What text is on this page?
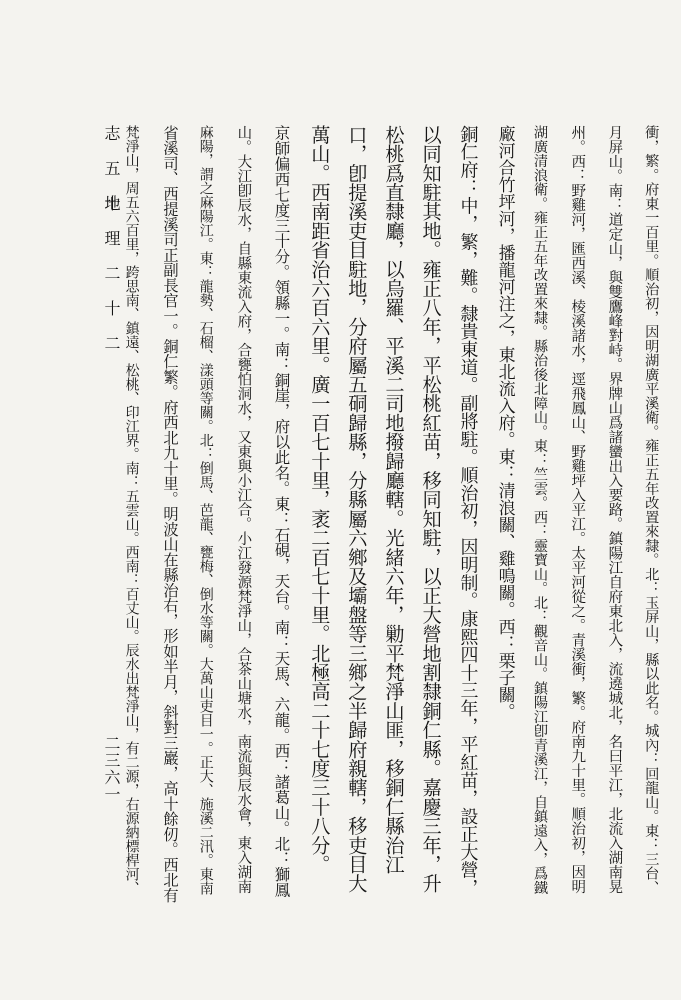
衝，繁。府東一百里。順治初，因明湖廣平溪衛。雍正五年改置來隸。北：玉屏山，縣以此名。城內：回龍山。東：三台、
月屏山。南：道定山，與雙鷹峰對峙。界牌山爲諸蠻出入要路。鎮陽江自府東北入，流遶城北，名曰平江，北流入湖南晃
州。西：野雞河，匯西溪、棱溪諸水，逕飛鳳山、野雞坪入平江。太平河從之。青溪衝，繁。府南九十里。順治初，因明
湖廣清浪衛。雍正五年改置來隸。縣治後北障山。東：竺雲。西：靈寶山。北：觀音山。鎮陽江卽青溪江，自鎮遠入，爲鐵
廠河合竹坪河，播龍河注之，東北流入府。東：清浪關、雞鳴關。西：栗子關。
銅仁府：中，繁，難。隸貴東道。副將駐。順治初，因明制。康熙四十三年，平紅苗，設正大營，
以同知駐其地。雍正八年，平松桃紅苗，移同知駐，以正大營地割隸銅仁縣。嘉慶三年，升
松桃爲直隸廳，以烏羅、平溪二司地撥歸廳轄。光緒六年，勦平梵淨山匪，移銅仁縣治江
口，卽提溪吏目駐地，分府屬五硐歸縣，分縣屬六鄉及壩盤等三鄉之半歸府親轄，移吏目大
萬山。西南距省治六百六里。廣一百七十里，袤二百七十里。北極高二十七度三十八分。
京師偏西七度三十分。領縣一。南：銅崖，府以此名。東：石硯，天台。南：天馬、六龍。西：諸葛山。北：獅鳳
山。大江卽辰水，自縣東流入府，合甕怕洞水，又東與小江合。小江發源梵淨山，合茶山塘水，南流與辰水會，東入湖南
麻陽，謂之麻陽江。東：龍勢、石榴、漾頭等關。北：倒馬、芭龍、甕梅、倒水等關。大萬山吏目一。正大、施溪二汛。東南
省溪司、西提溪司正副長官一。銅仁繁。府西北九十里。明波山在縣治右，形如半月，斜對三巖，高十餘仞。西北有
梵淨山，周五六百里，跨思南、鎮遠、松桃、印江界。南：五雲山。西南：百丈山。辰水出梵淨山，有二源，右源納標桿河、
志 五 十
地 理 二 十 二
二三六一
